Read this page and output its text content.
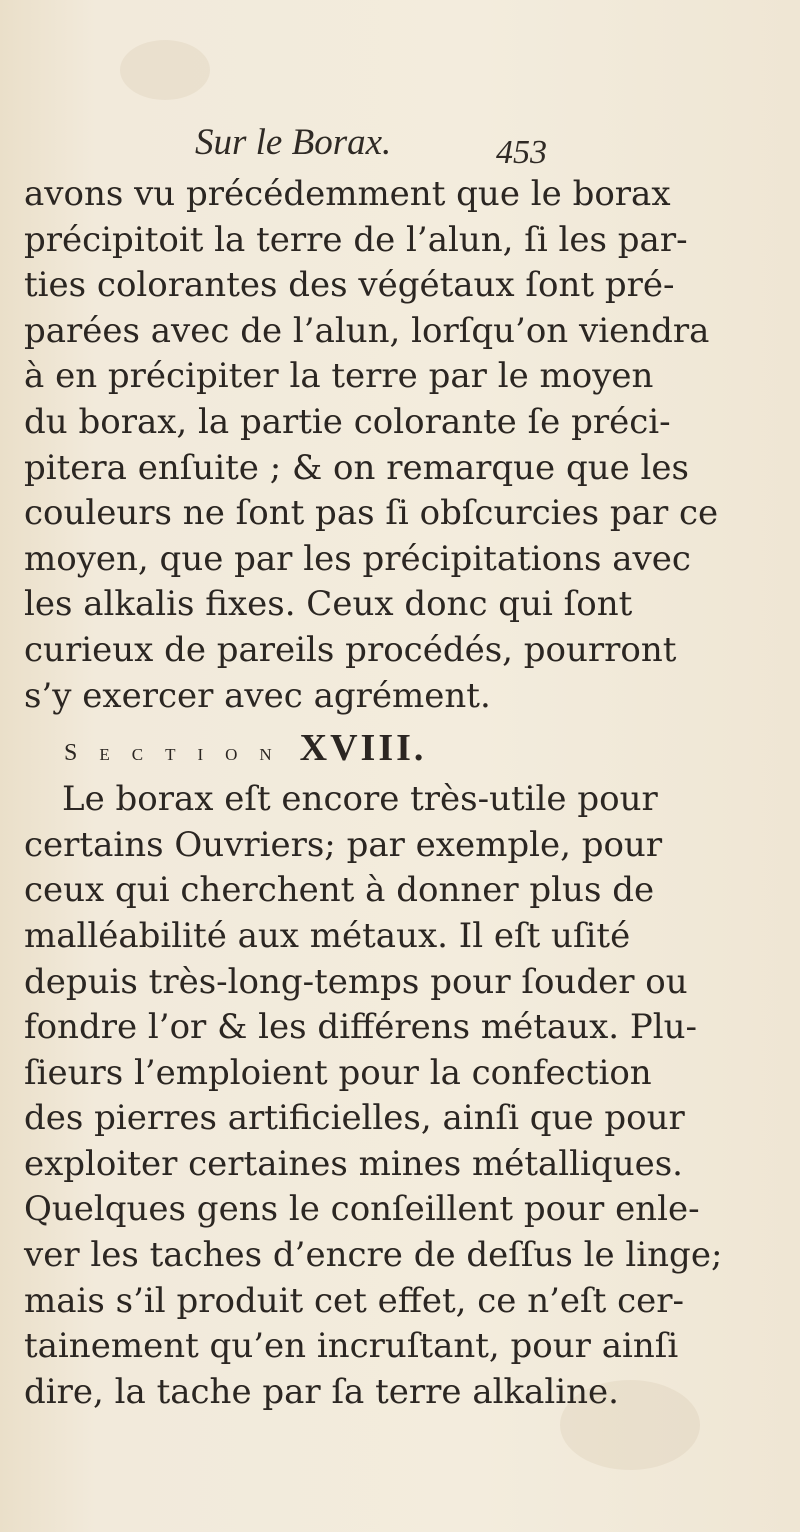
Sur le Borax.	453
avons vu précédemment que le borax
précipitoit la terre de l’alun, ſi les par-
ties colorantes des végétaux ſont pré-
parées avec de l’alun, lorſqu’on viendra
à en précipiter la terre par le moyen
du borax, la partie colorante ſe préci-
pitera enſuite ; & on remarque que les
couleurs ne ſont pas ſi obſcurcies par ce
moyen, que par les précipitations avec
les alkalis fixes. Ceux donc qui ſont
curieux de pareils procédés, pourront
s’y exercer avec agrément.
Section XVIII.
Le borax eſt encore très-utile pour
certains Ouvriers; par exemple, pour
ceux qui cherchent à donner plus de
malléabilité aux métaux. Il eſt uſité
depuis très-long-temps pour ſouder ou
fondre l’or & les différens métaux. Plu-
ſieurs l’emploient pour la confection
des pierres artificielles, ainſi que pour
exploiter certaines mines métalliques.
Quelques gens le conſeillent pour enle-
ver les taches d’encre de deſſus le linge;
mais s’il produit cet effet, ce n’eſt cer-
tainement qu’en incruſtant, pour ainſi
dire, la tache par ſa terre alkaline.
